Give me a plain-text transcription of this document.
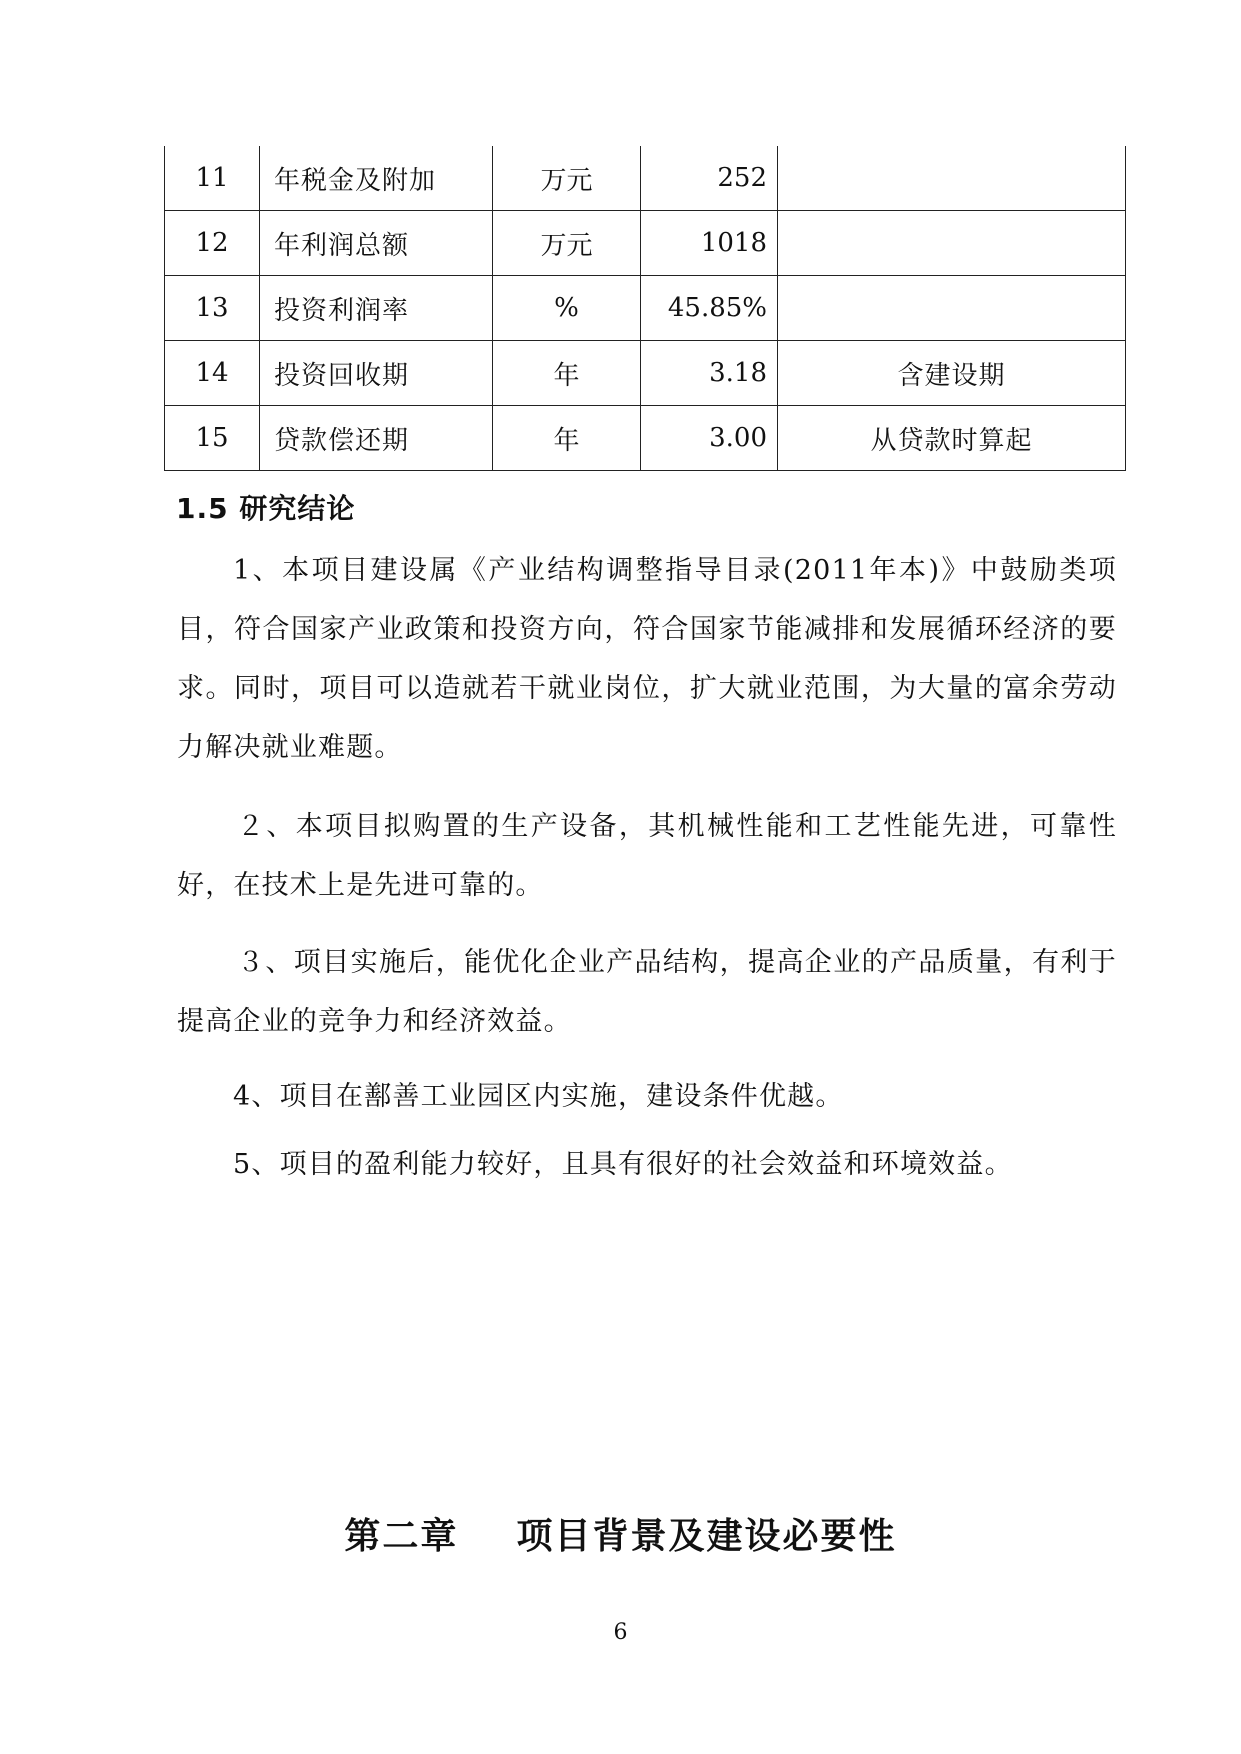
11	年税金及附加	万元	252	
12	年利润总额	万元	1018	
13	投资利润率	%	45.85%	
14	投资回收期	年	3.18	含建设期
15	贷款偿还期	年	3.00	从贷款时算起
1.5 研究结论

1、本项目建设属《产业结构调整指导目录(2011年本)》中鼓励类项目，符合国家产业政策和投资方向，符合国家节能减排和发展循环经济的要求。同时，项目可以造就若干就业岗位，扩大就业范围，为大量的富余劳动力解决就业难题。

２、本项目拟购置的生产设备，其机械性能和工艺性能先进，可靠性好，在技术上是先进可靠的。

３、项目实施后，能优化企业产品结构，提高企业的产品质量，有利于提高企业的竞争力和经济效益。

4、项目在鄯善工业园区内实施，建设条件优越。

5、项目的盈利能力较好，且具有很好的社会效益和环境效益。

第二章    项目背景及建设必要性
6
